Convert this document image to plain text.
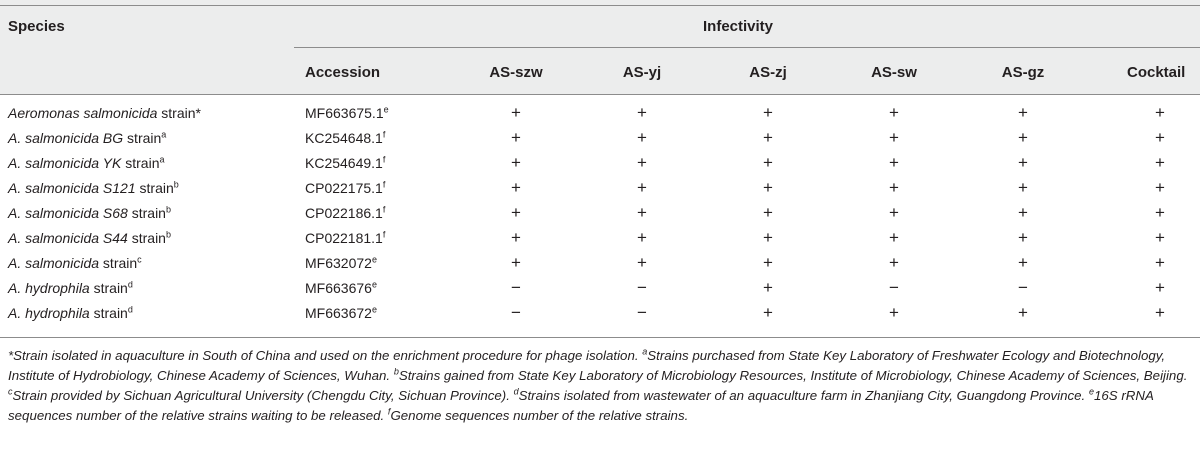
Species	Infectivity
Accession	AS-szw	AS-yj	AS-zj	AS-sw	AS-gz	Cocktail
Aeromonas salmonicida strain*	MF663675.1$^e$	+	+	+	+	+	+
A. salmonicida BG strain$^a$	KC254648.1$^f$	+	+	+	+	+	+
A. salmonicida YK strain$^a$	KC254649.1$^f$	+	+	+	+	+	+
A. salmonicida S121 strain$^b$	CP022175.1$^f$	+	+	+	+	+	+
A. salmonicida S68 strain$^b$	CP022186.1$^f$	+	+	+	+	+	+
A. salmonicida S44 strain$^b$	CP022181.1$^f$	+	+	+	+	+	+
A. salmonicida strain$^c$	$MF632072^e$	+	+	+	+	+	+
A. hydrophila strain$^d$	$MF663676^e$	−	−	+	−	−	+
A. hydrophila strain$^d$	$MF663672^e$	−	−	+	+	+	+
*Strain isolated in aquaculture in South of China and used on the enrichment procedure for phage isolation. $^a$Strains purchased from State Key Laboratory of Freshwater Ecology and Biotechnology, Institute of Hydrobiology, Chinese Academy of Sciences, Wuhan. $^b$Strains gained from State Key Laboratory of Microbiology Resources, Institute of Microbiology, Chinese Academy of Sciences, Beijing. $^c$Strain provided by Sichuan Agricultural University (Chengdu City, Sichuan Province). $^d$Strains isolated from wastewater of an aquaculture farm in Zhanjiang City, Guangdong Province. $^e$16S rRNA sequences number of the relative strains waiting to be released. $^f$Genome sequences number of the relative strains.
